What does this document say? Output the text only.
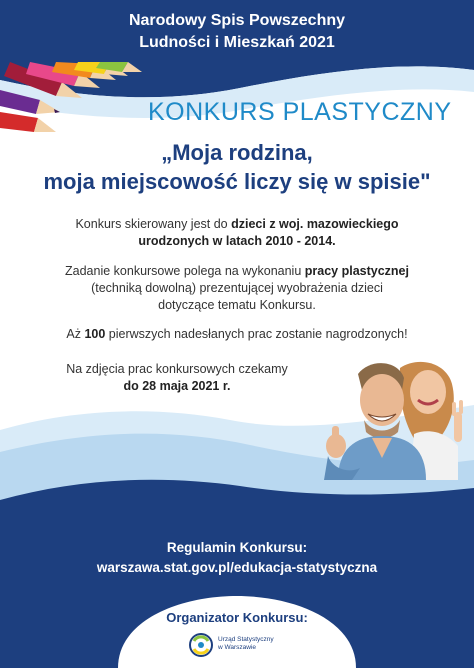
Narodowy Spis Powszechny
Ludności i Mieszkań 2021
KONKURS PLASTYCZNY
„Moja rodzina,
moja miejscowość liczy się w spisie"
Konkurs skierowany jest do dzieci z woj. mazowieckiego
urodzonych w latach 2010 - 2014.
Zadanie konkursowe polega na wykonaniu pracy plastycznej
(techniką dowolną) prezentującej wyobrażenia dzieci
dotyczące tematu Konkursu.
Aż 100 pierwszych nadesłanych prac zostanie nagrodzonych!
Na zdjęcia prac konkursowych czekamy
do 28 maja 2021 r.
Regulamin Konkursu:
warszawa.stat.gov.pl/edukacja-statystyczna
Organizator Konkursu:
Urząd Statystyczny
w Warszawie
